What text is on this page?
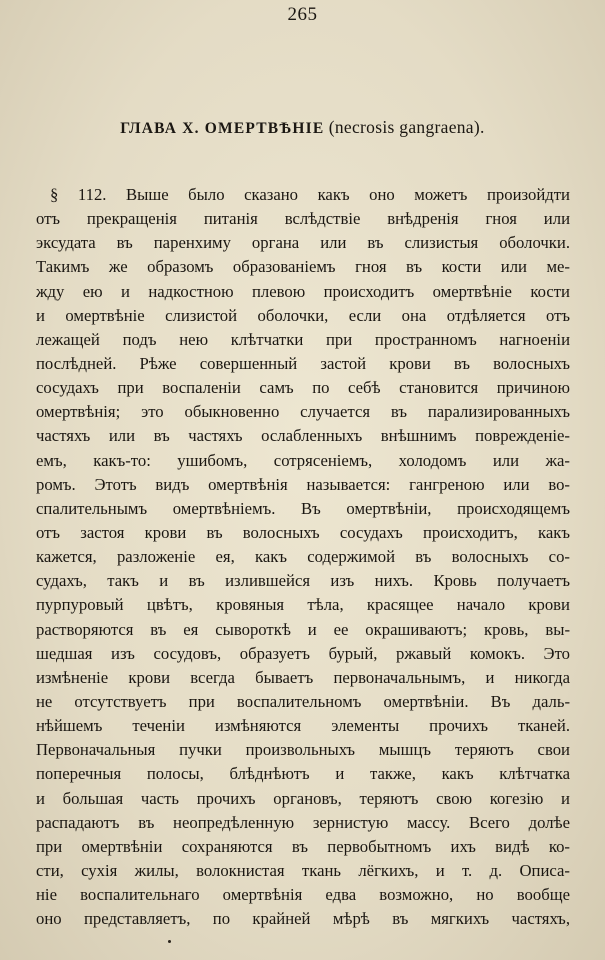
265
ГЛАВА X. ОМЕРТВѢНІЕ (necrosis gangraena).
§ 112. Выше было сказано какъ оно можетъ произойдти
отъ прекращенія питанія вслѣдствіе внѣдренія гноя или
эксудата въ паренхиму органа или въ слизистыя оболочки.
Такимъ же образомъ образованіемъ гноя въ кости или ме-
жду ею и надкостною плевою происходитъ омертвѣніе кости
и омертвѣніе слизистой оболочки, если она отдѣляется отъ
лежащей подъ нею клѣтчатки при пространномъ нагноеніи
послѣдней. Рѣже совершенный застой крови въ волосныхъ
сосудахъ при воспаленіи самъ по себѣ становится причиною
омертвѣнія; это обыкновенно случается въ парализированныхъ
частяхъ или въ частяхъ ослабленныхъ внѣшнимъ поврежденіе-
емъ, какъ-то: ушибомъ, сотрясеніемъ, холодомъ или жа-
ромъ. Этотъ видъ омертвѣнія называется: гангреною или во-
спалительнымъ омертвѣніемъ. Въ омертвѣніи, происходящемъ
отъ застоя крови въ волосныхъ сосудахъ происходитъ, какъ
кажется, разложеніе ея, какъ содержимой въ волосныхъ со-
судахъ, такъ и въ излившейся изъ нихъ. Кровь получаетъ
пурпуровый цвѣтъ, кровяныя тѣла, красящее начало крови
растворяются въ ея сывороткѣ и ее окрашиваютъ; кровь, вы-
шедшая изъ сосудовъ, образуетъ бурый, ржавый комокъ. Это
измѣненіе крови всегда бываетъ первоначальнымъ, и никогда
не отсутствуетъ при воспалительномъ омертвѣніи. Въ даль-
нѣйшемъ теченіи измѣняются элементы прочихъ тканей.
Первоначальныя пучки произвольныхъ мышцъ теряютъ свои
поперечныя полосы, блѣднѣютъ и также, какъ клѣтчатка
и большая часть прочихъ органовъ, теряютъ свою когезію и
распадаютъ въ неопредѣленную зернистую массу. Всего долѣе
при омертвѣніи сохраняются въ первобытномъ ихъ видѣ ко-
сти, сухія жилы, волокнистая ткань лёгкихъ, и т. д. Описа-
ніе воспалительнаго омертвѣнія едва возможно, но вообще
оно представляетъ, по крайней мѣрѣ въ мягкихъ частяхъ,
